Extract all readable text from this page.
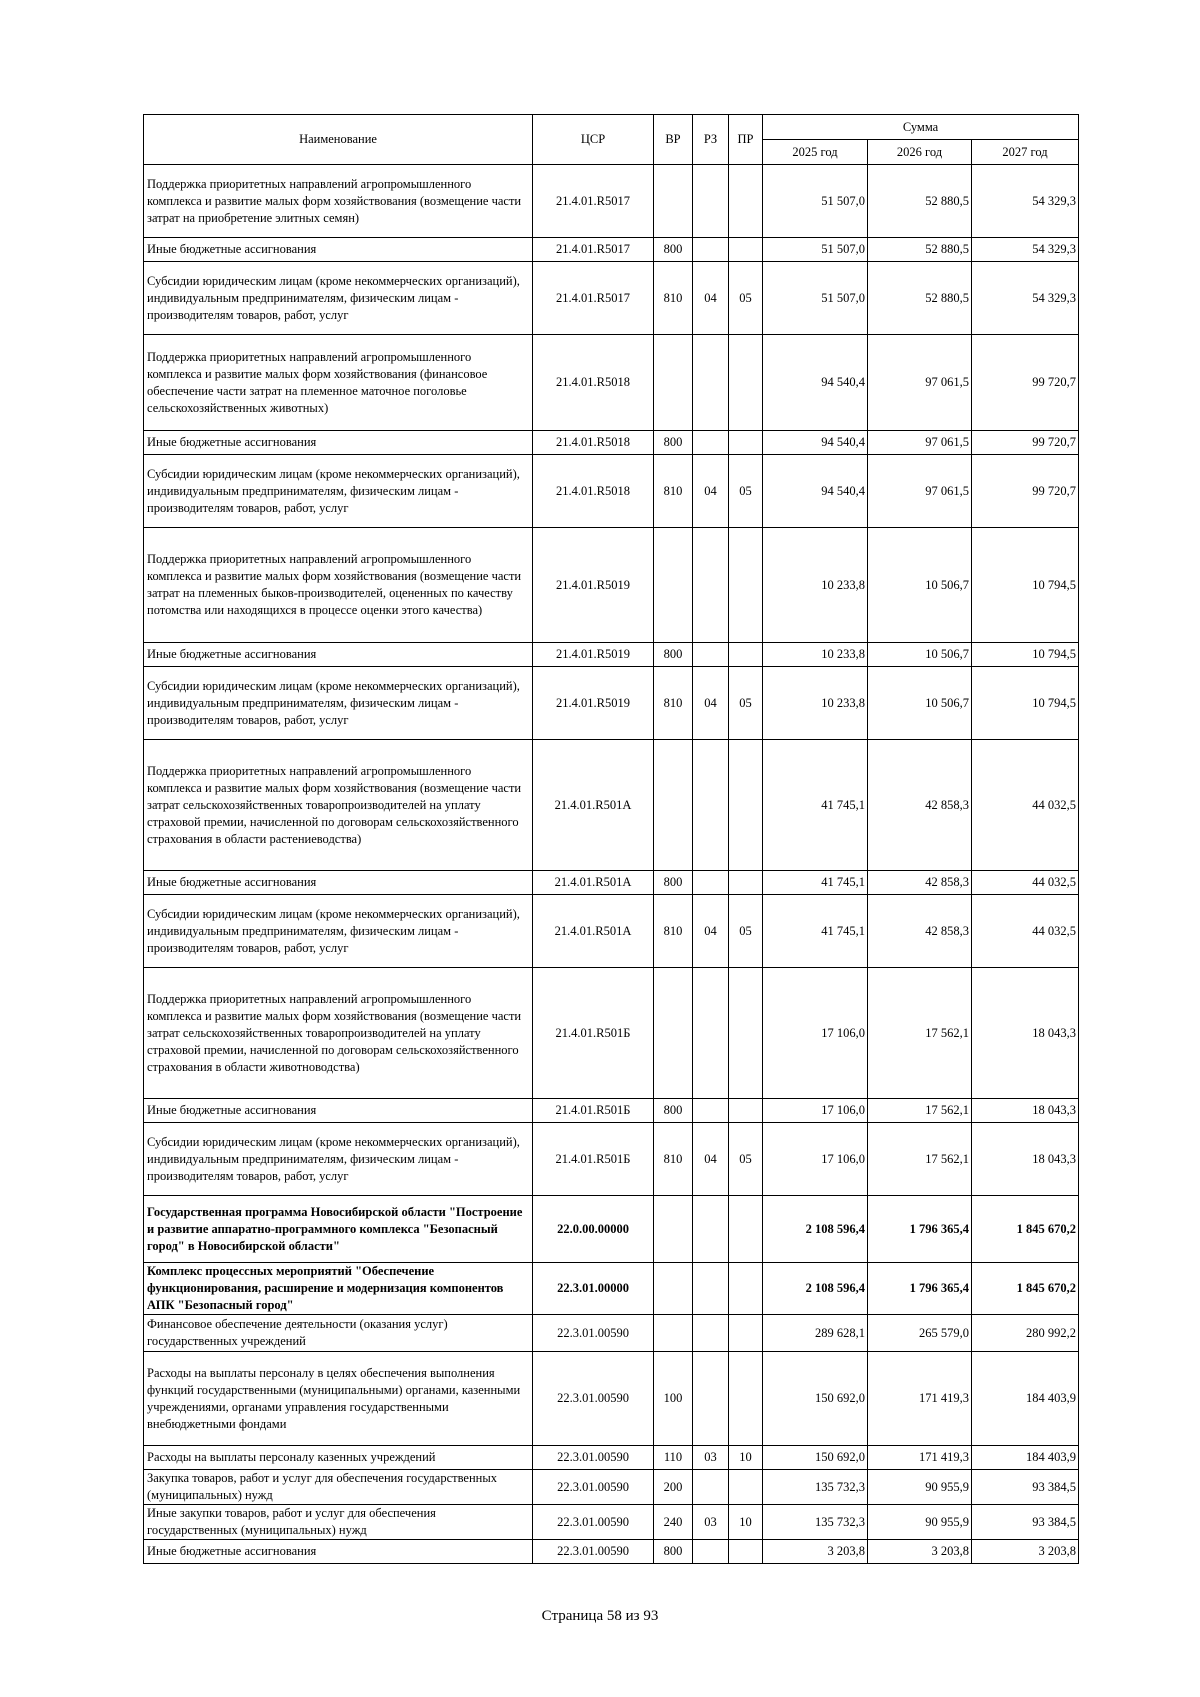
Наименование	ЦСР	ВР	РЗ	ПР	Сумма		
					2025 год	2026 год	2027 год
Поддержка приоритетных направлений агропромышленного комплекса и развитие малых форм хозяйствования (возмещение части затрат на приобретение элитных семян)	21.4.01.R5017				51 507,0	52 880,5	54 329,3
Иные бюджетные ассигнования	21.4.01.R5017	800			51 507,0	52 880,5	54 329,3
Субсидии юридическим лицам (кроме некоммерческих организаций), индивидуальным предпринимателям, физическим лицам - производителям товаров, работ, услуг	21.4.01.R5017	810	04	05	51 507,0	52 880,5	54 329,3
Поддержка приоритетных направлений агропромышленного комплекса и развитие малых форм хозяйствования (финансовое обеспечение части затрат на племенное маточное поголовье сельскохозяйственных животных)	21.4.01.R5018				94 540,4	97 061,5	99 720,7
Иные бюджетные ассигнования	21.4.01.R5018	800			94 540,4	97 061,5	99 720,7
Субсидии юридическим лицам (кроме некоммерческих организаций), индивидуальным предпринимателям, физическим лицам - производителям товаров, работ, услуг	21.4.01.R5018	810	04	05	94 540,4	97 061,5	99 720,7
Поддержка приоритетных направлений агропромышленного комплекса и развитие малых форм хозяйствования (возмещение части затрат на племенных быков-производителей, оцененных по качеству потомства или находящихся в процессе оценки этого качества)	21.4.01.R5019				10 233,8	10 506,7	10 794,5
Иные бюджетные ассигнования	21.4.01.R5019	800			10 233,8	10 506,7	10 794,5
Субсидии юридическим лицам (кроме некоммерческих организаций), индивидуальным предпринимателям, физическим лицам - производителям товаров, работ, услуг	21.4.01.R5019	810	04	05	10 233,8	10 506,7	10 794,5
Поддержка приоритетных направлений агропромышленного комплекса и развитие малых форм хозяйствования (возмещение части затрат сельскохозяйственных товаропроизводителей на уплату страховой премии, начисленной по договорам сельскохозяйственного страхования в области растениеводства)	21.4.01.R501A				41 745,1	42 858,3	44 032,5
Иные бюджетные ассигнования	21.4.01.R501A	800			41 745,1	42 858,3	44 032,5
Субсидии юридическим лицам (кроме некоммерческих организаций), индивидуальным предпринимателям, физическим лицам - производителям товаров, работ, услуг	21.4.01.R501A	810	04	05	41 745,1	42 858,3	44 032,5
Поддержка приоритетных направлений агропромышленного комплекса и развитие малых форм хозяйствования (возмещение части затрат сельскохозяйственных товаропроизводителей на уплату страховой премии, начисленной по договорам сельскохозяйственного страхования в области животноводства)	21.4.01.R501Б				17 106,0	17 562,1	18 043,3
Иные бюджетные ассигнования	21.4.01.R501Б	800			17 106,0	17 562,1	18 043,3
Субсидии юридическим лицам (кроме некоммерческих организаций), индивидуальным предпринимателям, физическим лицам - производителям товаров, работ, услуг	21.4.01.R501Б	810	04	05	17 106,0	17 562,1	18 043,3
Государственная программа Новосибирской области "Построение и развитие аппаратно-программного комплекса "Безопасный город" в Новосибирской области"	22.0.00.00000				2 108 596,4	1 796 365,4	1 845 670,2
Комплекс процессных мероприятий "Обеспечение функционирования, расширение и модернизация компонентов АПК "Безопасный город"	22.3.01.00000				2 108 596,4	1 796 365,4	1 845 670,2
Финансовое обеспечение деятельности (оказания услуг) государственных учреждений	22.3.01.00590				289 628,1	265 579,0	280 992,2
Расходы на выплаты персоналу в целях обеспечения выполнения функций государственными (муниципальными) органами, казенными учреждениями, органами управления государственными внебюджетными фондами	22.3.01.00590	100			150 692,0	171 419,3	184 403,9
Расходы на выплаты персоналу казенных учреждений	22.3.01.00590	110	03	10	150 692,0	171 419,3	184 403,9
Закупка товаров, работ и услуг для обеспечения государственных (муниципальных) нужд	22.3.01.00590	200			135 732,3	90 955,9	93 384,5
Иные закупки товаров, работ и услуг для обеспечения государственных (муниципальных) нужд	22.3.01.00590	240	03	10	135 732,3	90 955,9	93 384,5
Иные бюджетные ассигнования	22.3.01.00590	800			3 203,8	3 203,8	3 203,8
Страница 58 из 93
